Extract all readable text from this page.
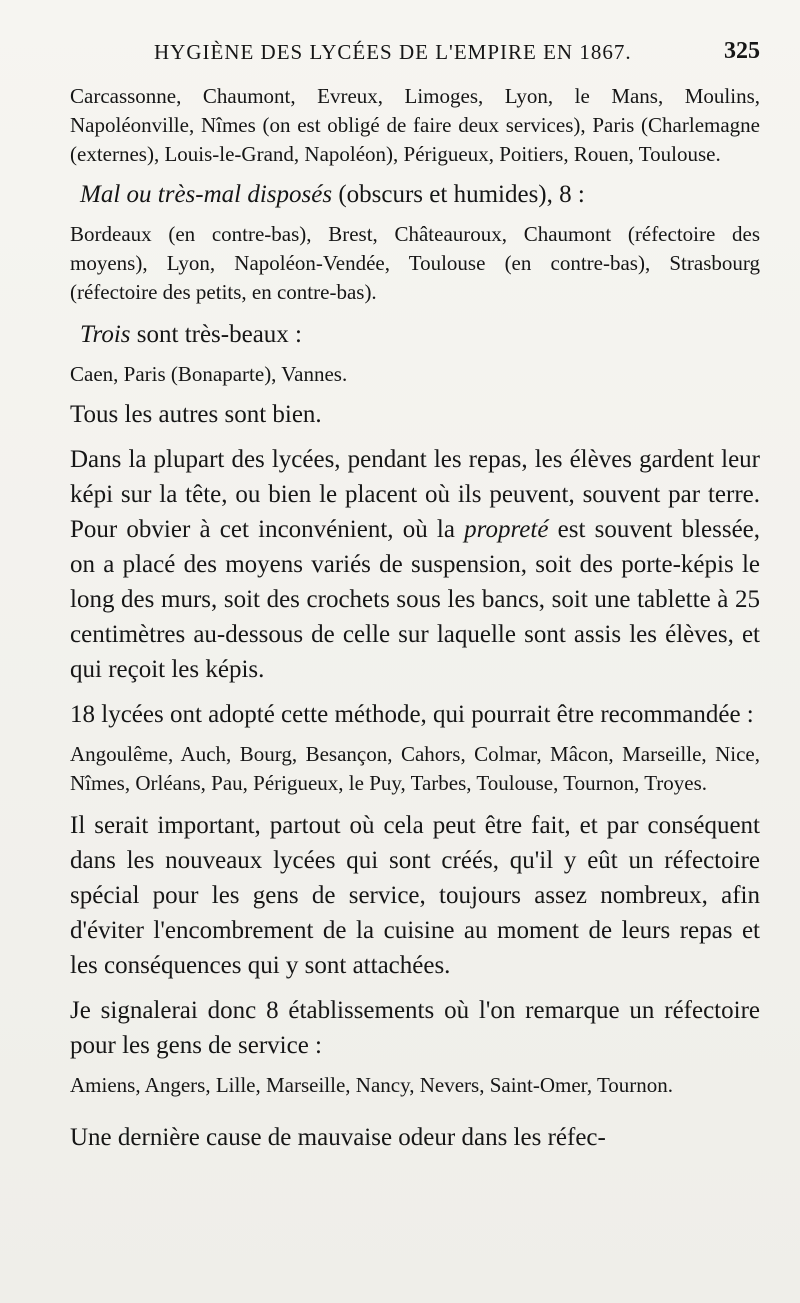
HYGIÈNE DES LYCÉES DE L'EMPIRE EN 1867.	325

Carcassonne, Chaumont, Evreux, Limoges, Lyon, le Mans, Moulins, Napoléonville, Nîmes (on est obligé de faire deux services), Paris (Charlemagne (externes), Louis-le-Grand, Napoléon), Périgueux, Poitiers, Rouen, Toulouse.

Mal ou très-mal disposés (obscurs et humides), 8 :

Bordeaux (en contre-bas), Brest, Châteauroux, Chaumont (réfectoire des moyens), Lyon, Napoléon-Vendée, Toulouse (en contre-bas), Strasbourg (réfectoire des petits, en contre-bas).

Trois sont très-beaux :

Caen, Paris (Bonaparte), Vannes.

Tous les autres sont bien.

Dans la plupart des lycées, pendant les repas, les élèves gardent leur képi sur la tête, ou bien le placent où ils peuvent, souvent par terre. Pour obvier à cet inconvénient, où la propreté est souvent blessée, on a placé des moyens variés de suspension, soit des porte-képis le long des murs, soit des crochets sous les bancs, soit une tablette à 25 centimètres au-dessous de celle sur laquelle sont assis les élèves, et qui reçoit les képis.

18 lycées ont adopté cette méthode, qui pourrait être recommandée :

Angoulême, Auch, Bourg, Besançon, Cahors, Colmar, Mâcon, Marseille, Nice, Nîmes, Orléans, Pau, Périgueux, le Puy, Tarbes, Toulouse, Tournon, Troyes.

Il serait important, partout où cela peut être fait, et par conséquent dans les nouveaux lycées qui sont créés, qu'il y eût un réfectoire spécial pour les gens de service, toujours assez nombreux, afin d'éviter l'encombrement de la cuisine au moment de leurs repas et les conséquences qui y sont attachées.

Je signalerai donc 8 établissements où l'on remarque un réfectoire pour les gens de service :

Amiens, Angers, Lille, Marseille, Nancy, Nevers, Saint-Omer, Tournon.

Une dernière cause de mauvaise odeur dans les réfec-
